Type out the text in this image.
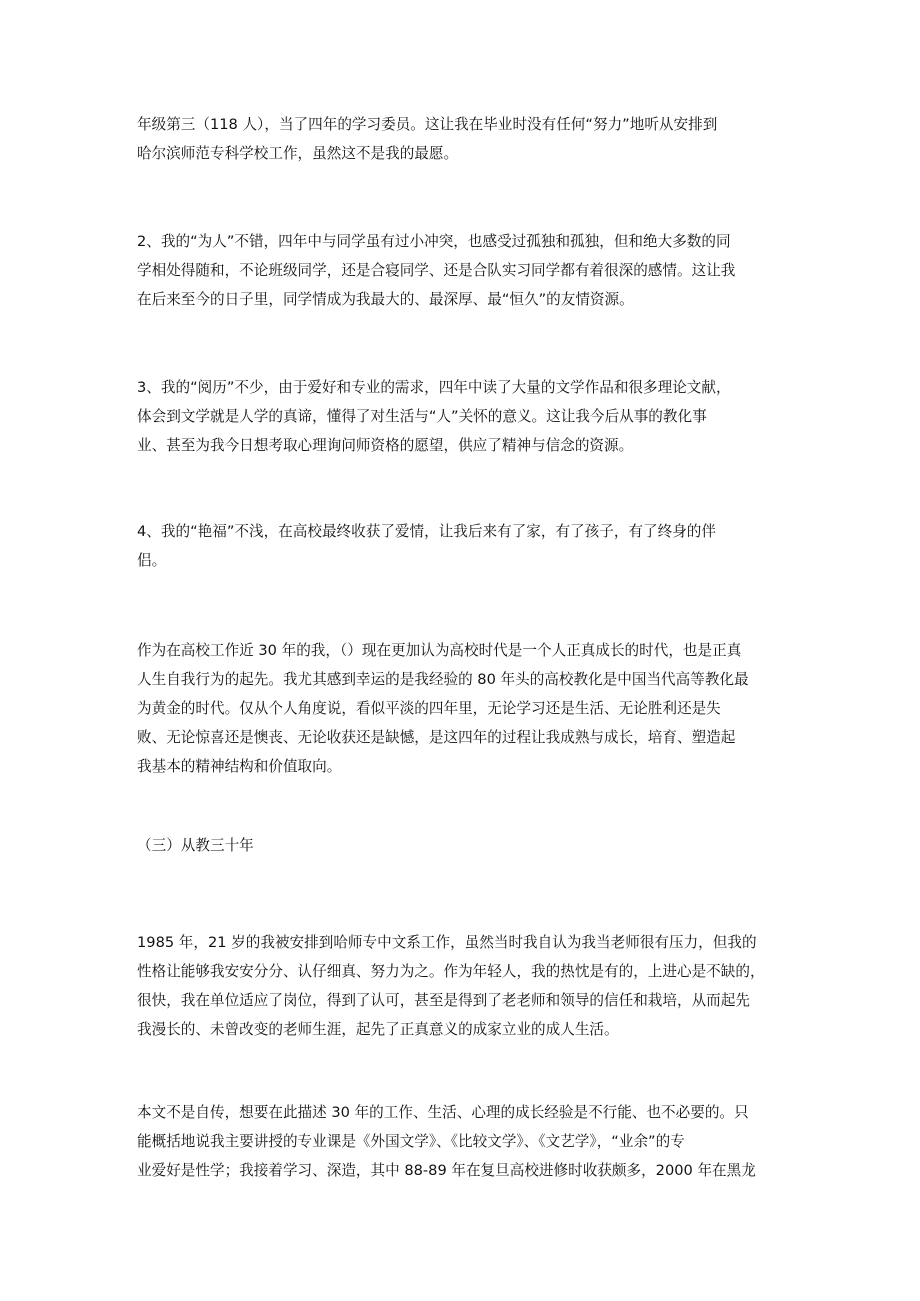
年级第三（118 人），当了四年的学习委员。这让我在毕业时没有任何“努力”地听从安排到
哈尔滨师范专科学校工作，虽然这不是我的最愿。

2、我的“为人”不错，四年中与同学虽有过小冲突，也感受过孤独和孤独，但和绝大多数的同
学相处得随和，不论班级同学，还是合寝同学、还是合队实习同学都有着很深的感情。这让我
在后来至今的日子里，同学情成为我最大的、最深厚、最“恒久”的友情资源。

3、我的“阅历”不少，由于爱好和专业的需求，四年中读了大量的文学作品和很多理论文献，
体会到文学就是人学的真谛，懂得了对生活与“人”关怀的意义。这让我今后从事的教化事
业、甚至为我今日想考取心理询问师资格的愿望，供应了精神与信念的资源。

4、我的“艳福”不浅，在高校最终收获了爱情，让我后来有了家，有了孩子，有了终身的伴
侣。

作为在高校工作近 30 年的我，（）现在更加认为高校时代是一个人正真成长的时代，也是正真
人生自我行为的起先。我尤其感到幸运的是我经验的 80 年头的高校教化是中国当代高等教化最
为黄金的时代。仅从个人角度说，看似平淡的四年里，无论学习还是生活、无论胜利还是失
败、无论惊喜还是懊丧、无论收获还是缺憾，是这四年的过程让我成熟与成长，培育、塑造起
我基本的精神结构和价值取向。

（三）从教三十年

1985 年，21 岁的我被安排到哈师专中文系工作，虽然当时我自认为我当老师很有压力，但我的
性格让能够我安安分分、认仔细真、努力为之。作为年轻人，我的热忱是有的，上进心是不缺的，
很快，我在单位适应了岗位，得到了认可，甚至是得到了老老师和领导的信任和栽培，从而起先
我漫长的、未曾改变的老师生涯，起先了正真意义的成家立业的成人生活。

本文不是自传，想要在此描述 30 年的工作、生活、心理的成长经验是不行能、也不必要的。只
能概括地说我主要讲授的专业课是《外国文学》、《比较文学》、《文艺学》，“业余”的专
业爱好是性学；我接着学习、深造，其中 88-89 年在复旦高校进修时收获颇多，2000 年在黑龙
